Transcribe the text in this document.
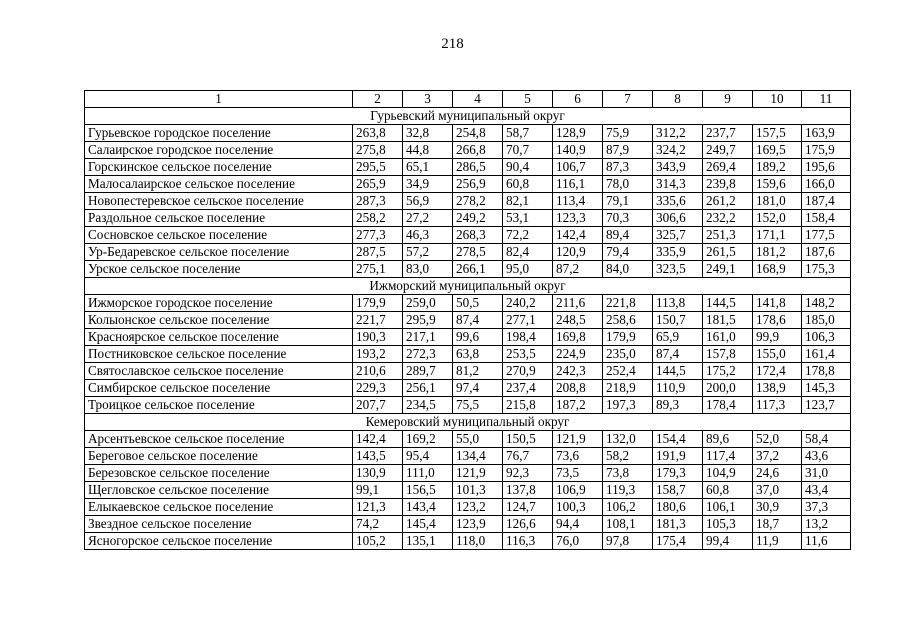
218
1	2	3	4	5	6	7	8	9	10	11
Гурьевский муниципальный округ										
Гурьевское городское поселение	263,8	32,8	254,8	58,7	128,9	75,9	312,2	237,7	157,5	163,9
Салаирское городское поселение	275,8	44,8	266,8	70,7	140,9	87,9	324,2	249,7	169,5	175,9
Горскинское сельское поселение	295,5	65,1	286,5	90,4	106,7	87,3	343,9	269,4	189,2	195,6
Малосалаирское сельское поселение	265,9	34,9	256,9	60,8	116,1	78,0	314,3	239,8	159,6	166,0
Новопестеревское сельское поселение	287,3	56,9	278,2	82,1	113,4	79,1	335,6	261,2	181,0	187,4
Раздольное сельское поселение	258,2	27,2	249,2	53,1	123,3	70,3	306,6	232,2	152,0	158,4
Сосновское сельское поселение	277,3	46,3	268,3	72,2	142,4	89,4	325,7	251,3	171,1	177,5
Ур-Бедаревское сельское поселение	287,5	57,2	278,5	82,4	120,9	79,4	335,9	261,5	181,2	187,6
Урское сельское поселение	275,1	83,0	266,1	95,0	87,2	84,0	323,5	249,1	168,9	175,3
Ижморский муниципальный округ										
Ижморское городское поселение	179,9	259,0	50,5	240,2	211,6	221,8	113,8	144,5	141,8	148,2
Колыонское сельское поселение	221,7	295,9	87,4	277,1	248,5	258,6	150,7	181,5	178,6	185,0
Красноярское сельское поселение	190,3	217,1	99,6	198,4	169,8	179,9	65,9	161,0	99,9	106,3
Постниковское сельское поселение	193,2	272,3	63,8	253,5	224,9	235,0	87,4	157,8	155,0	161,4
Святославское сельское поселение	210,6	289,7	81,2	270,9	242,3	252,4	144,5	175,2	172,4	178,8
Симбирское сельское поселение	229,3	256,1	97,4	237,4	208,8	218,9	110,9	200,0	138,9	145,3
Троицкое сельское поселение	207,7	234,5	75,5	215,8	187,2	197,3	89,3	178,4	117,3	123,7
Кемеровский муниципальный округ										
Арсентьевское сельское поселение	142,4	169,2	55,0	150,5	121,9	132,0	154,4	89,6	52,0	58,4
Береговое сельское поселение	143,5	95,4	134,4	76,7	73,6	58,2	191,9	117,4	37,2	43,6
Березовское сельское поселение	130,9	111,0	121,9	92,3	73,5	73,8	179,3	104,9	24,6	31,0
Щегловское сельское поселение	99,1	156,5	101,3	137,8	106,9	119,3	158,7	60,8	37,0	43,4
Елыкаевское сельское поселение	121,3	143,4	123,2	124,7	100,3	106,2	180,6	106,1	30,9	37,3
Звездное сельское поселение	74,2	145,4	123,9	126,6	94,4	108,1	181,3	105,3	18,7	13,2
Ясногорское сельское поселение	105,2	135,1	118,0	116,3	76,0	97,8	175,4	99,4	11,9	11,6
